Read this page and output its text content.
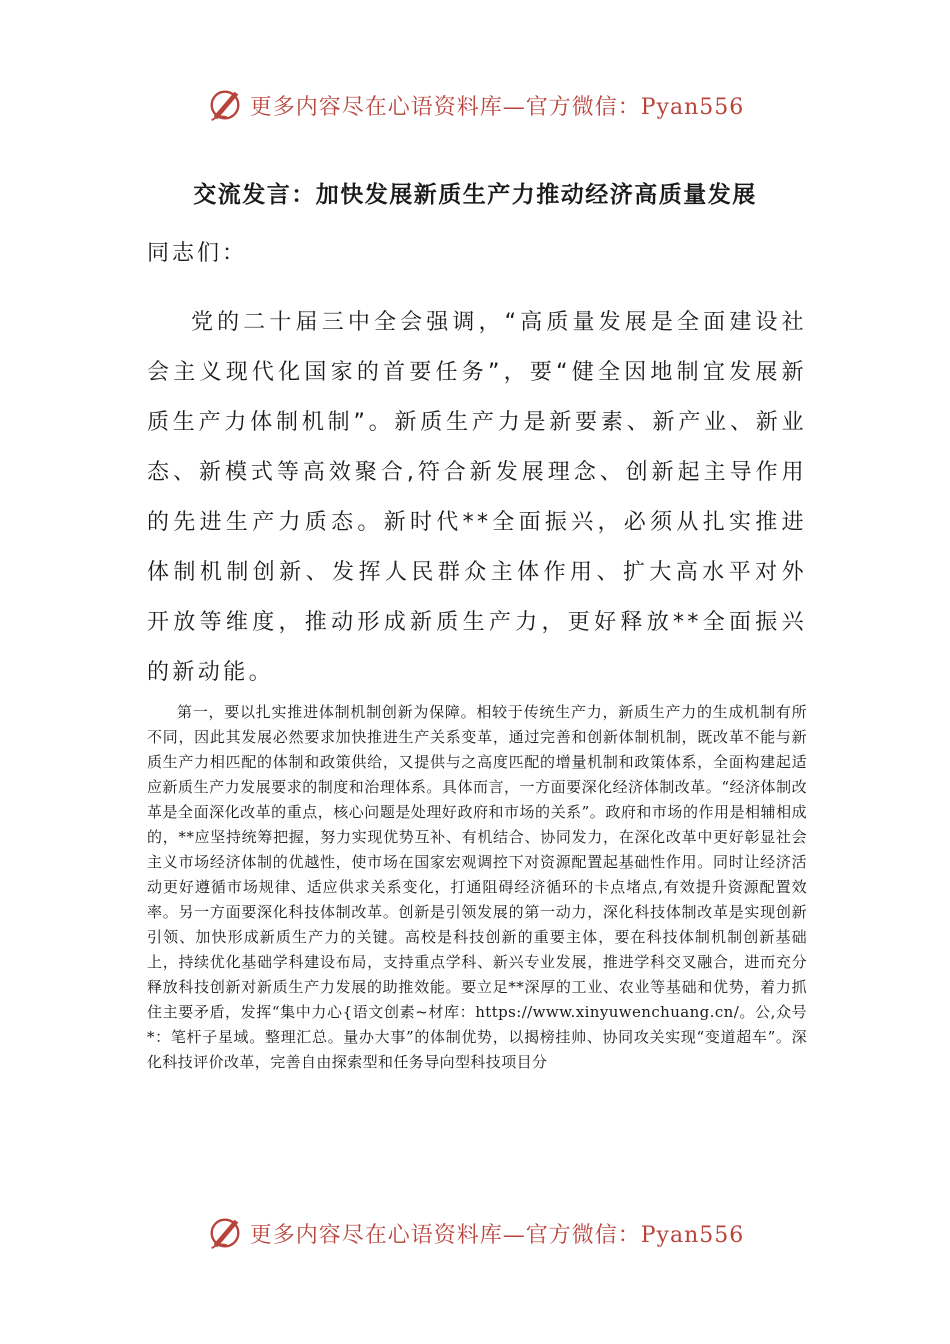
更多内容尽在心语资料库—官方微信：Pyan556
交流发言：加快发展新质生产力推动经济高质量发展

同志们：

党的二十届三中全会强调，“高质量发展是全面建设社会主义现代化国家的首要任务”，要“健全因地制宜发展新质生产力体制机制”。新质生产力是新要素、新产业、新业态、新模式等高效聚合,符合新发展理念、创新起主导作用的先进生产力质态。新时代**全面振兴，必须从扎实推进体制机制创新、发挥人民群众主体作用、扩大高水平对外开放等维度，推动形成新质生产力，更好释放**全面振兴的新动能。

第一，要以扎实推进体制机制创新为保障。相较于传统生产力，新质生产力的生成机制有所不同，因此其发展必然要求加快推进生产关系变革，通过完善和创新体制机制，既改革不能与新质生产力相匹配的体制和政策供给，又提供与之高度匹配的增量机制和政策体系，全面构建起适应新质生产力发展要求的制度和治理体系。具体而言，一方面要深化经济体制改革。“经济体制改革是全面深化改革的重点，核心问题是处理好政府和市场的关系”。政府和市场的作用是相辅相成的，**应坚持统筹把握，努力实现优势互补、有机结合、协同发力，在深化改革中更好彰显社会主义市场经济体制的优越性，使市场在国家宏观调控下对资源配置起基础性作用。同时让经济活动更好遵循市场规律、适应供求关系变化，打通阻碍经济循环的卡点堵点,有效提升资源配置效率。另一方面要深化科技体制改革。创新是引领发展的第一动力，深化科技体制改革是实现创新引领、加快形成新质生产力的关键。高校是科技创新的重要主体，要在科技体制机制创新基础上，持续优化基础学科建设布局，支持重点学科、新兴专业发展，推进学科交叉融合，进而充分释放科技创新对新质生产力发展的助推效能。要立足**深厚的工业、农业等基础和优势，着力抓住主要矛盾，发挥“集中力心{语文创素~材库：https://www.xinyuwenchuang.cn/。公,众号*：笔杆子星域。整理汇总。量办大事”的体制优势，以揭榜挂帅、协同攻关实现“变道超车”。深化科技评价改革，完善自由探索型和任务导向型科技项目分

更多内容尽在心语资料库—官方微信：Pyan556
